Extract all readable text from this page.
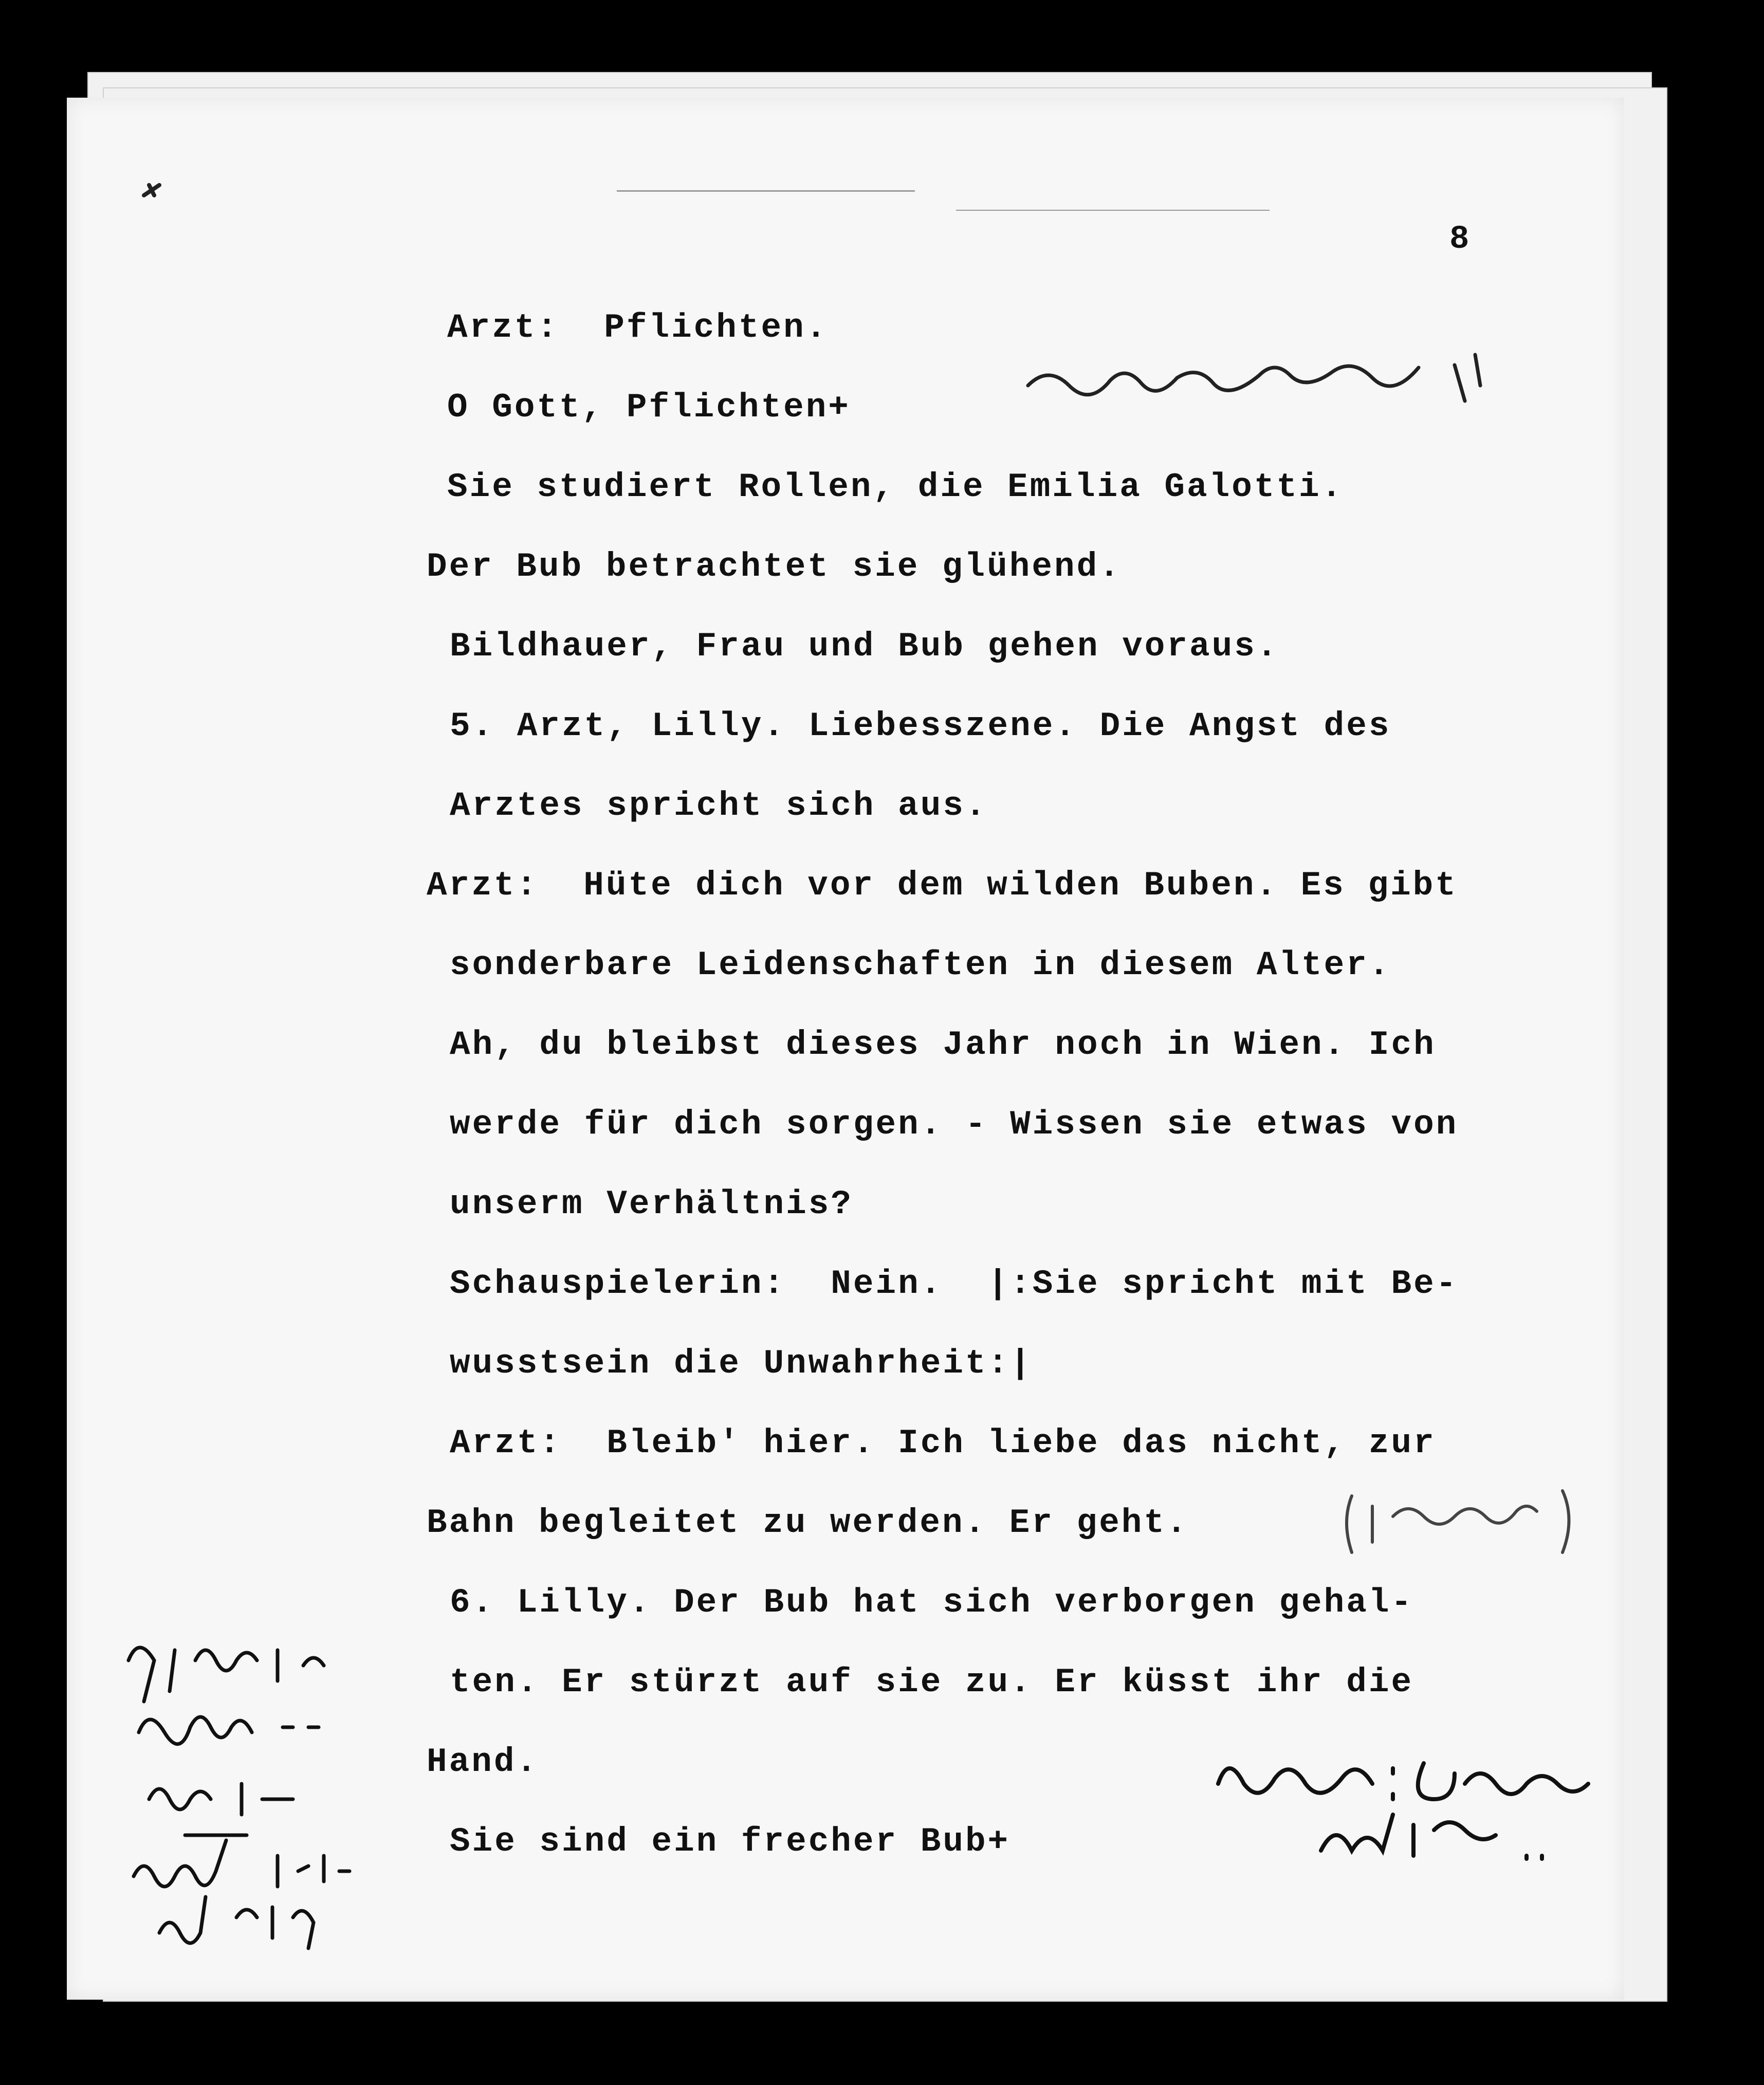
8
Arzt:  Pflichten.
O Gott, Pflichten+
Sie studiert Rollen, die Emilia Galotti.
Der Bub betrachtet sie glühend.
Bildhauer, Frau und Bub gehen voraus.
5. Arzt, Lilly. Liebesszene. Die Angst des
Arztes spricht sich aus.
Arzt:  Hüte dich vor dem wilden Buben. Es gibt
sonderbare Leidenschaften in diesem Alter.
Ah, du bleibst dieses Jahr noch in Wien. Ich
werde für dich sorgen. - Wissen sie etwas von
unserm Verhältnis?
Schauspielerin:  Nein.  |:Sie spricht mit Be-
wusstsein die Unwahrheit:|
Arzt:  Bleib' hier. Ich liebe das nicht, zur
Bahn begleitet zu werden. Er geht.
6. Lilly. Der Bub hat sich verborgen gehal-
ten. Er stürzt auf sie zu. Er küsst ihr die
Hand.
Sie sind ein frecher Bub+
